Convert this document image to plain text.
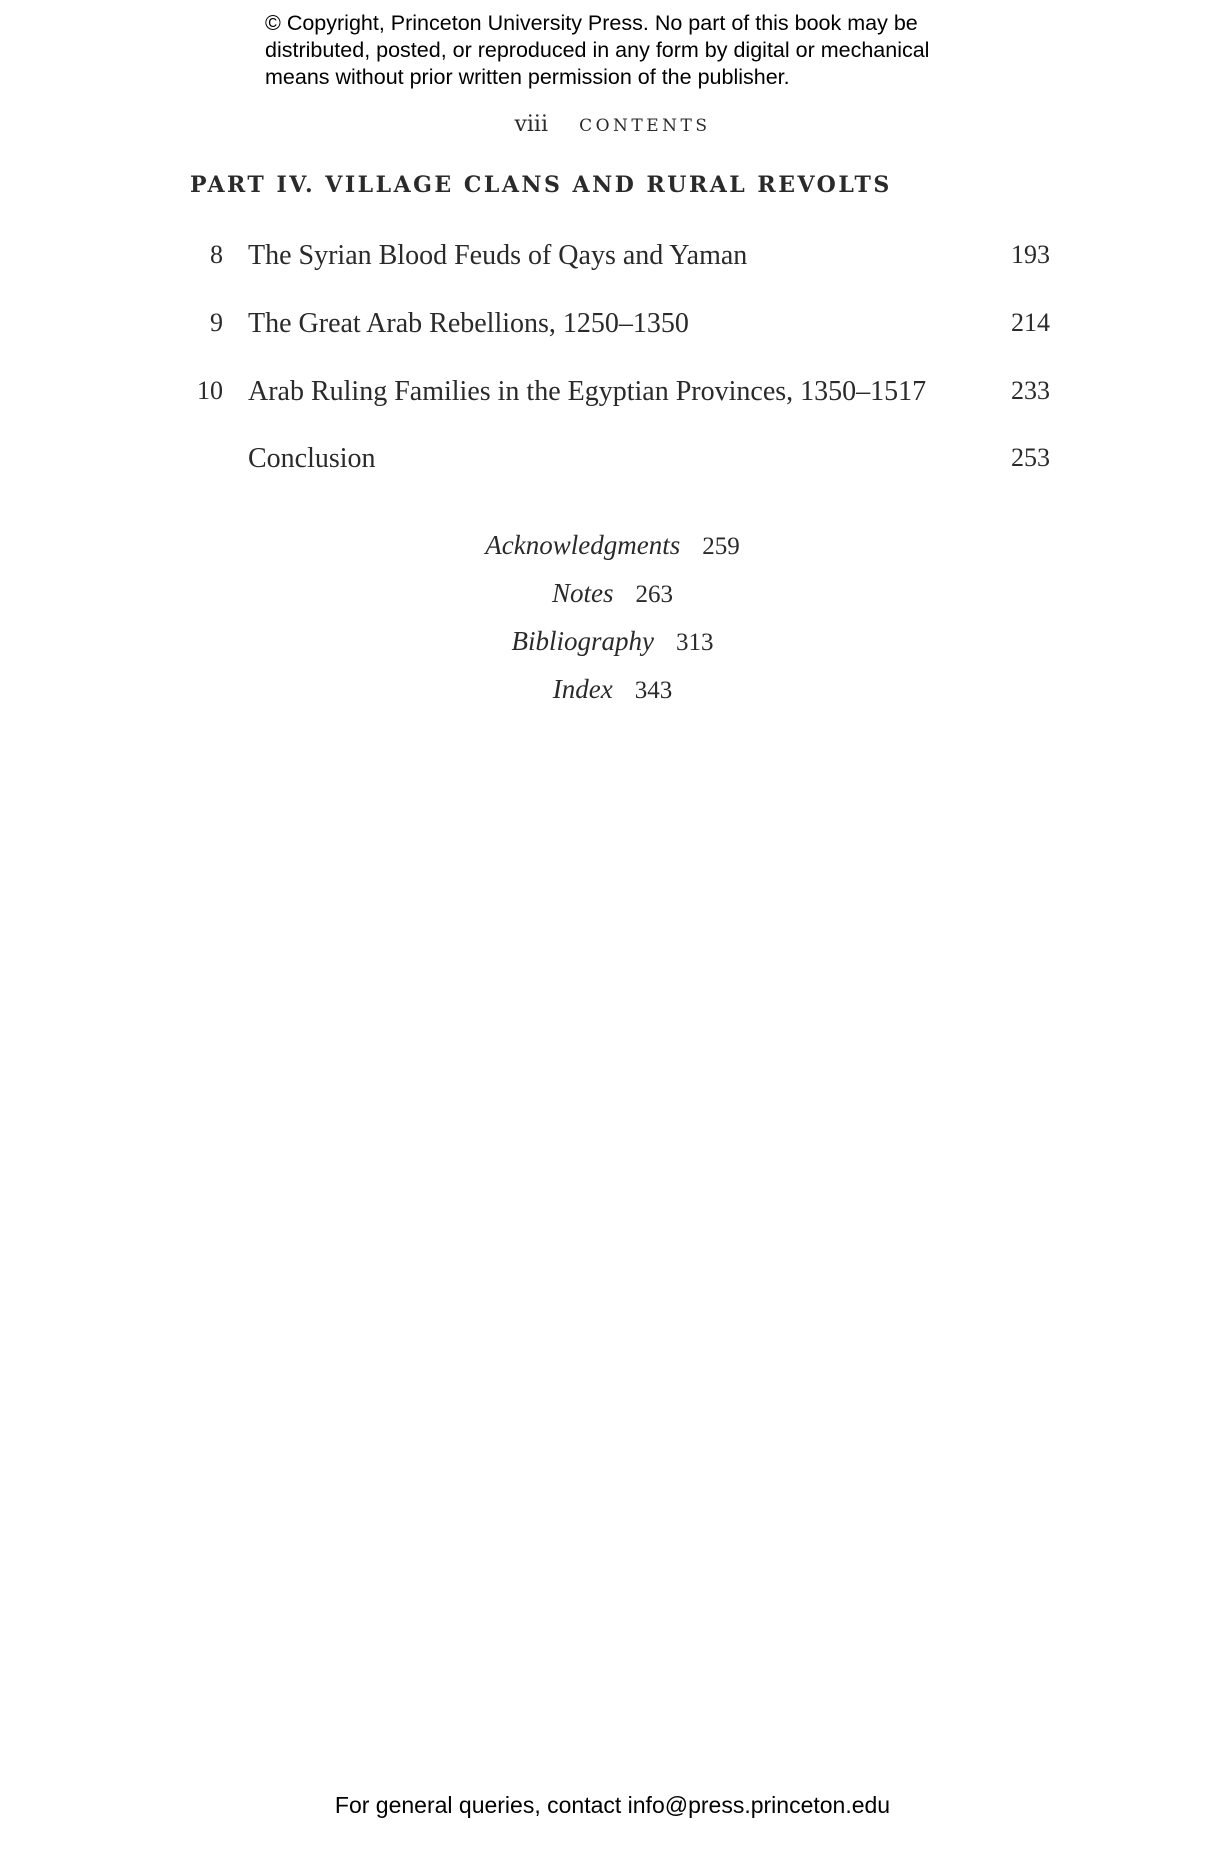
© Copyright, Princeton University Press. No part of this book may be
distributed, posted, or reproduced in any form by digital or mechanical
means without prior written permission of the publisher.
viii CONTENTS
PART IV. VILLAGE CLANS AND RURAL REVOLTS
8 The Syrian Blood Feuds of Qays and Yaman	193
9 The Great Arab Rebellions, 1250–1350	214
10 Arab Ruling Families in the Egyptian Provinces, 1350–1517	233
Conclusion	253
Acknowledgments 259
Notes 263
Bibliography 313
Index 343
For general queries, contact info@press.princeton.edu
